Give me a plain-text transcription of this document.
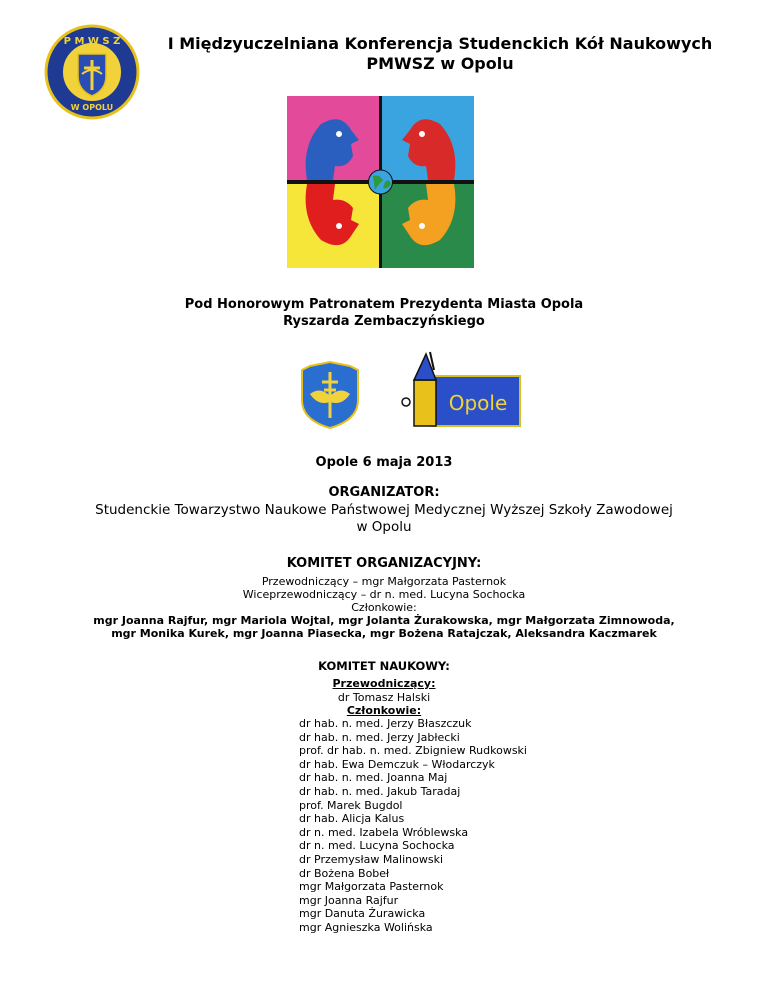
P M W S Z
W OPOLU
I Międzyuczelniana Konferencja Studenckich Kół Naukowych
PMWSZ w Opolu
Pod Honorowym Patronatem Prezydenta Miasta Opola
Ryszarda Zembaczyńskiego
Opole
Opole 6 maja 2013
ORGANIZATOR:
Studenckie Towarzystwo Naukowe Państwowej Medycznej Wyższej Szkoły Zawodowej w Opolu
KOMITET ORGANIZACYJNY:
Przewodniczący – mgr Małgorzata Pasternok
Wiceprzewodniczący – dr n. med. Lucyna Sochocka
Członkowie:
mgr Joanna Rajfur, mgr Mariola Wojtal, mgr Jolanta Żurakowska, mgr Małgorzata Zimnowoda,
mgr Monika Kurek, mgr Joanna Piasecka, mgr Bożena Ratajczak, Aleksandra Kaczmarek
KOMITET NAUKOWY:
Przewodniczący:
dr Tomasz Halski
Członkowie:
dr hab. n. med. Jerzy Błaszczuk
dr hab. n. med. Jerzy Jabłecki
prof. dr hab. n. med. Zbigniew Rudkowski
dr hab. Ewa Demczuk – Włodarczyk
dr hab. n. med. Joanna Maj
dr hab. n. med. Jakub Taradaj
prof. Marek Bugdol
dr hab. Alicja Kalus
dr n. med. Izabela Wróblewska
dr n. med. Lucyna Sochocka
dr Przemysław Malinowski
dr Bożena Bobeł
mgr Małgorzata Pasternok
mgr Joanna Rajfur
mgr Danuta Żurawicka
mgr Agnieszka Wolińska
